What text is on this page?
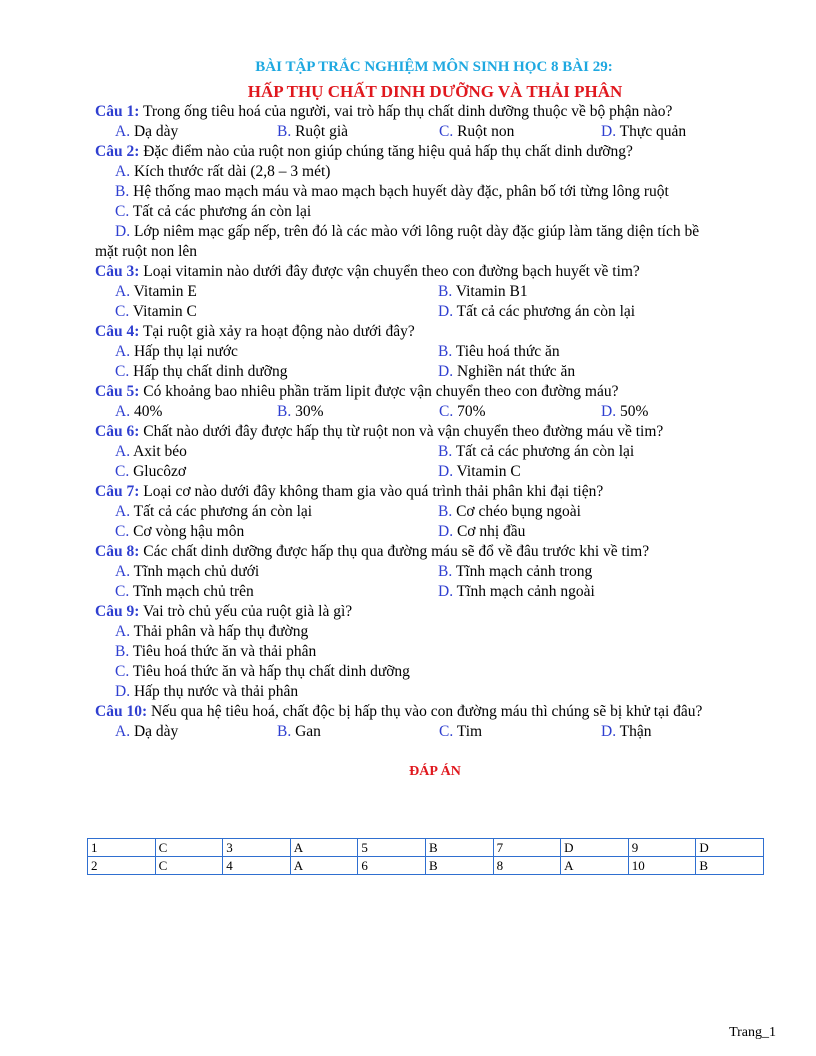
BÀI TẬP TRẮC NGHIỆM MÔN SINH HỌC 8 BÀI 29:
HẤP THỤ CHẤT DINH DƯỠNG VÀ THẢI PHÂN
Câu 1: Trong ống tiêu hoá của người, vai trò hấp thụ chất dinh dưỡng thuộc về bộ phận nào?
A. Dạ dày	B. Ruột già	C. Ruột non	D. Thực quản
Câu 2: Đặc điểm nào của ruột non giúp chúng tăng hiệu quả hấp thụ chất dinh dưỡng?
A. Kích thước rất dài (2,8 – 3 mét)
B. Hệ thống mao mạch máu và mao mạch bạch huyết dày đặc, phân bố tới từng lông ruột
C. Tất cả các phương án còn lại
D. Lớp niêm mạc gấp nếp, trên đó là các mào với lông ruột dày đặc giúp làm tăng diện tích bề
mặt ruột non lên
Câu 3: Loại vitamin nào dưới đây được vận chuyển theo con đường bạch huyết về tim?
A. Vitamin E	B. Vitamin B1
C. Vitamin C	D. Tất cả các phương án còn lại
Câu 4: Tại ruột già xảy ra hoạt động nào dưới đây?
A. Hấp thụ lại nước	B. Tiêu hoá thức ăn
C. Hấp thụ chất dinh dưỡng	D. Nghiền nát thức ăn
Câu 5: Có khoảng bao nhiêu phần trăm lipit được vận chuyển theo con đường máu?
A. 40%	B. 30%	C. 70%	D. 50%
Câu 6: Chất nào dưới đây được hấp thụ từ ruột non và vận chuyển theo đường máu về tim?
A. Axit béo	B. Tất cả các phương án còn lại
C. Glucôzơ	D. Vitamin C
Câu 7: Loại cơ nào dưới đây không tham gia vào quá trình thải phân khi đại tiện?
A. Tất cả các phương án còn lại	B. Cơ chéo bụng ngoài
C. Cơ vòng hậu môn	D. Cơ nhị đầu
Câu 8: Các chất dinh dưỡng được hấp thụ qua đường máu sẽ đổ về đâu trước khi về tim?
A. Tĩnh mạch chủ dưới	B. Tĩnh mạch cảnh trong
C. Tĩnh mạch chủ trên	D. Tĩnh mạch cảnh ngoài
Câu 9: Vai trò chủ yếu của ruột già là gì?
A. Thải phân và hấp thụ đường
B. Tiêu hoá thức ăn và thải phân
C. Tiêu hoá thức ăn và hấp thụ chất dinh dưỡng
D. Hấp thụ nước và thải phân
Câu 10: Nếu qua hệ tiêu hoá, chất độc bị hấp thụ vào con đường máu thì chúng sẽ bị khử tại đâu?
A. Dạ dày	B. Gan	C. Tim	D. Thận
ĐÁP ÁN
1	C	3	A	5	B	7	D	9	D
2	C	4	A	6	B	8	A	10	B
Trang_1
